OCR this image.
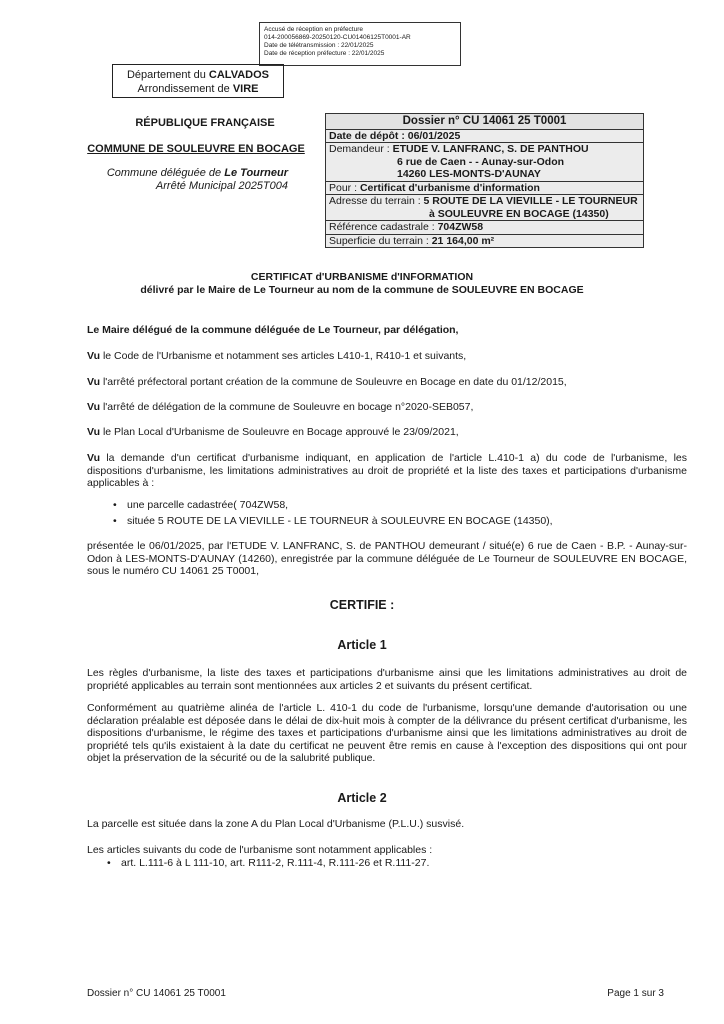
Accusé de réception en préfecture
014-200056869-20250120-CU01406125T0001-AR
Date de télétransmission : 22/01/2025
Date de réception préfecture : 22/01/2025
Département du CALVADOS
Arrondissement de VIRE
RÉPUBLIQUE FRANÇAISE
COMMUNE DE SOULEUVRE EN BOCAGE
Commune déléguée de Le Tourneur
Arrêté Municipal 2025T004
Dossier n° CU 14061 25 T0001
Date de dépôt : 06/01/2025
Demandeur : ETUDE V. LANFRANC, S. DE PANTHOU
6 rue de Caen - - Aunay-sur-Odon
14260 LES-MONTS-D'AUNAY
Pour : Certificat d'urbanisme d'information
Adresse du terrain : 5 ROUTE DE LA VIEVILLE - LE TOURNEUR
à SOULEUVRE EN BOCAGE (14350)
Référence cadastrale : 704ZW58
Superficie du terrain : 21 164,00 m²
CERTIFICAT d'URBANISME d'INFORMATION
délivré par le Maire de Le Tourneur au nom de la commune de SOULEUVRE EN BOCAGE
Le Maire délégué de la commune déléguée de Le Tourneur, par délégation,
Vu le Code de l'Urbanisme et notamment ses articles L410-1, R410-1 et suivants,
Vu l'arrêté préfectoral portant création de la commune de Souleuvre en Bocage en date du 01/12/2015,
Vu l'arrêté de délégation de la commune de Souleuvre en bocage n°2020-SEB057,
Vu le Plan Local d'Urbanisme de Souleuvre en Bocage approuvé le 23/09/2021,
Vu la demande d'un certificat d'urbanisme indiquant, en application de l'article L.410-1 a) du code de l'urbanisme, les dispositions d'urbanisme, les limitations administratives au droit de propriété et la liste des taxes et participations d'urbanisme applicables à :
• une parcelle cadastrée( 704ZW58,
• située 5 ROUTE DE LA VIEVILLE - LE TOURNEUR à SOULEUVRE EN BOCAGE (14350),
présentée le 06/01/2025, par l'ETUDE V. LANFRANC, S. de PANTHOU demeurant / situé(e) 6 rue de Caen - B.P. - Aunay-sur-Odon à LES-MONTS-D'AUNAY (14260), enregistrée par la commune déléguée de Le Tourneur de SOULEUVRE EN BOCAGE, sous le numéro CU 14061 25 T0001,
CERTIFIE :
Article 1
Les règles d'urbanisme, la liste des taxes et participations d'urbanisme ainsi que les limitations administratives au droit de propriété applicables au terrain sont mentionnées aux articles 2 et suivants du présent certificat.
Conformément au quatrième alinéa de l'article L. 410-1 du code de l'urbanisme, lorsqu'une demande d'autorisation ou une déclaration préalable est déposée dans le délai de dix-huit mois à compter de la délivrance du présent certificat d'urbanisme, les dispositions d'urbanisme, le régime des taxes et participations d'urbanisme ainsi que les limitations administratives au droit de propriété tels qu'ils existaient à la date du certificat ne peuvent être remis en cause à l'exception des dispositions qui ont pour objet la préservation de la sécurité ou de la salubrité publique.
Article 2
La parcelle est située dans la zone A du Plan Local d'Urbanisme (P.L.U.) susvisé.
Les articles suivants du code de l'urbanisme sont notamment applicables :
• art. L.111-6 à L 111-10, art. R111-2, R.111-4, R.111-26 et R.111-27.
Dossier n° CU 14061 25 T0001	Page 1 sur 3
